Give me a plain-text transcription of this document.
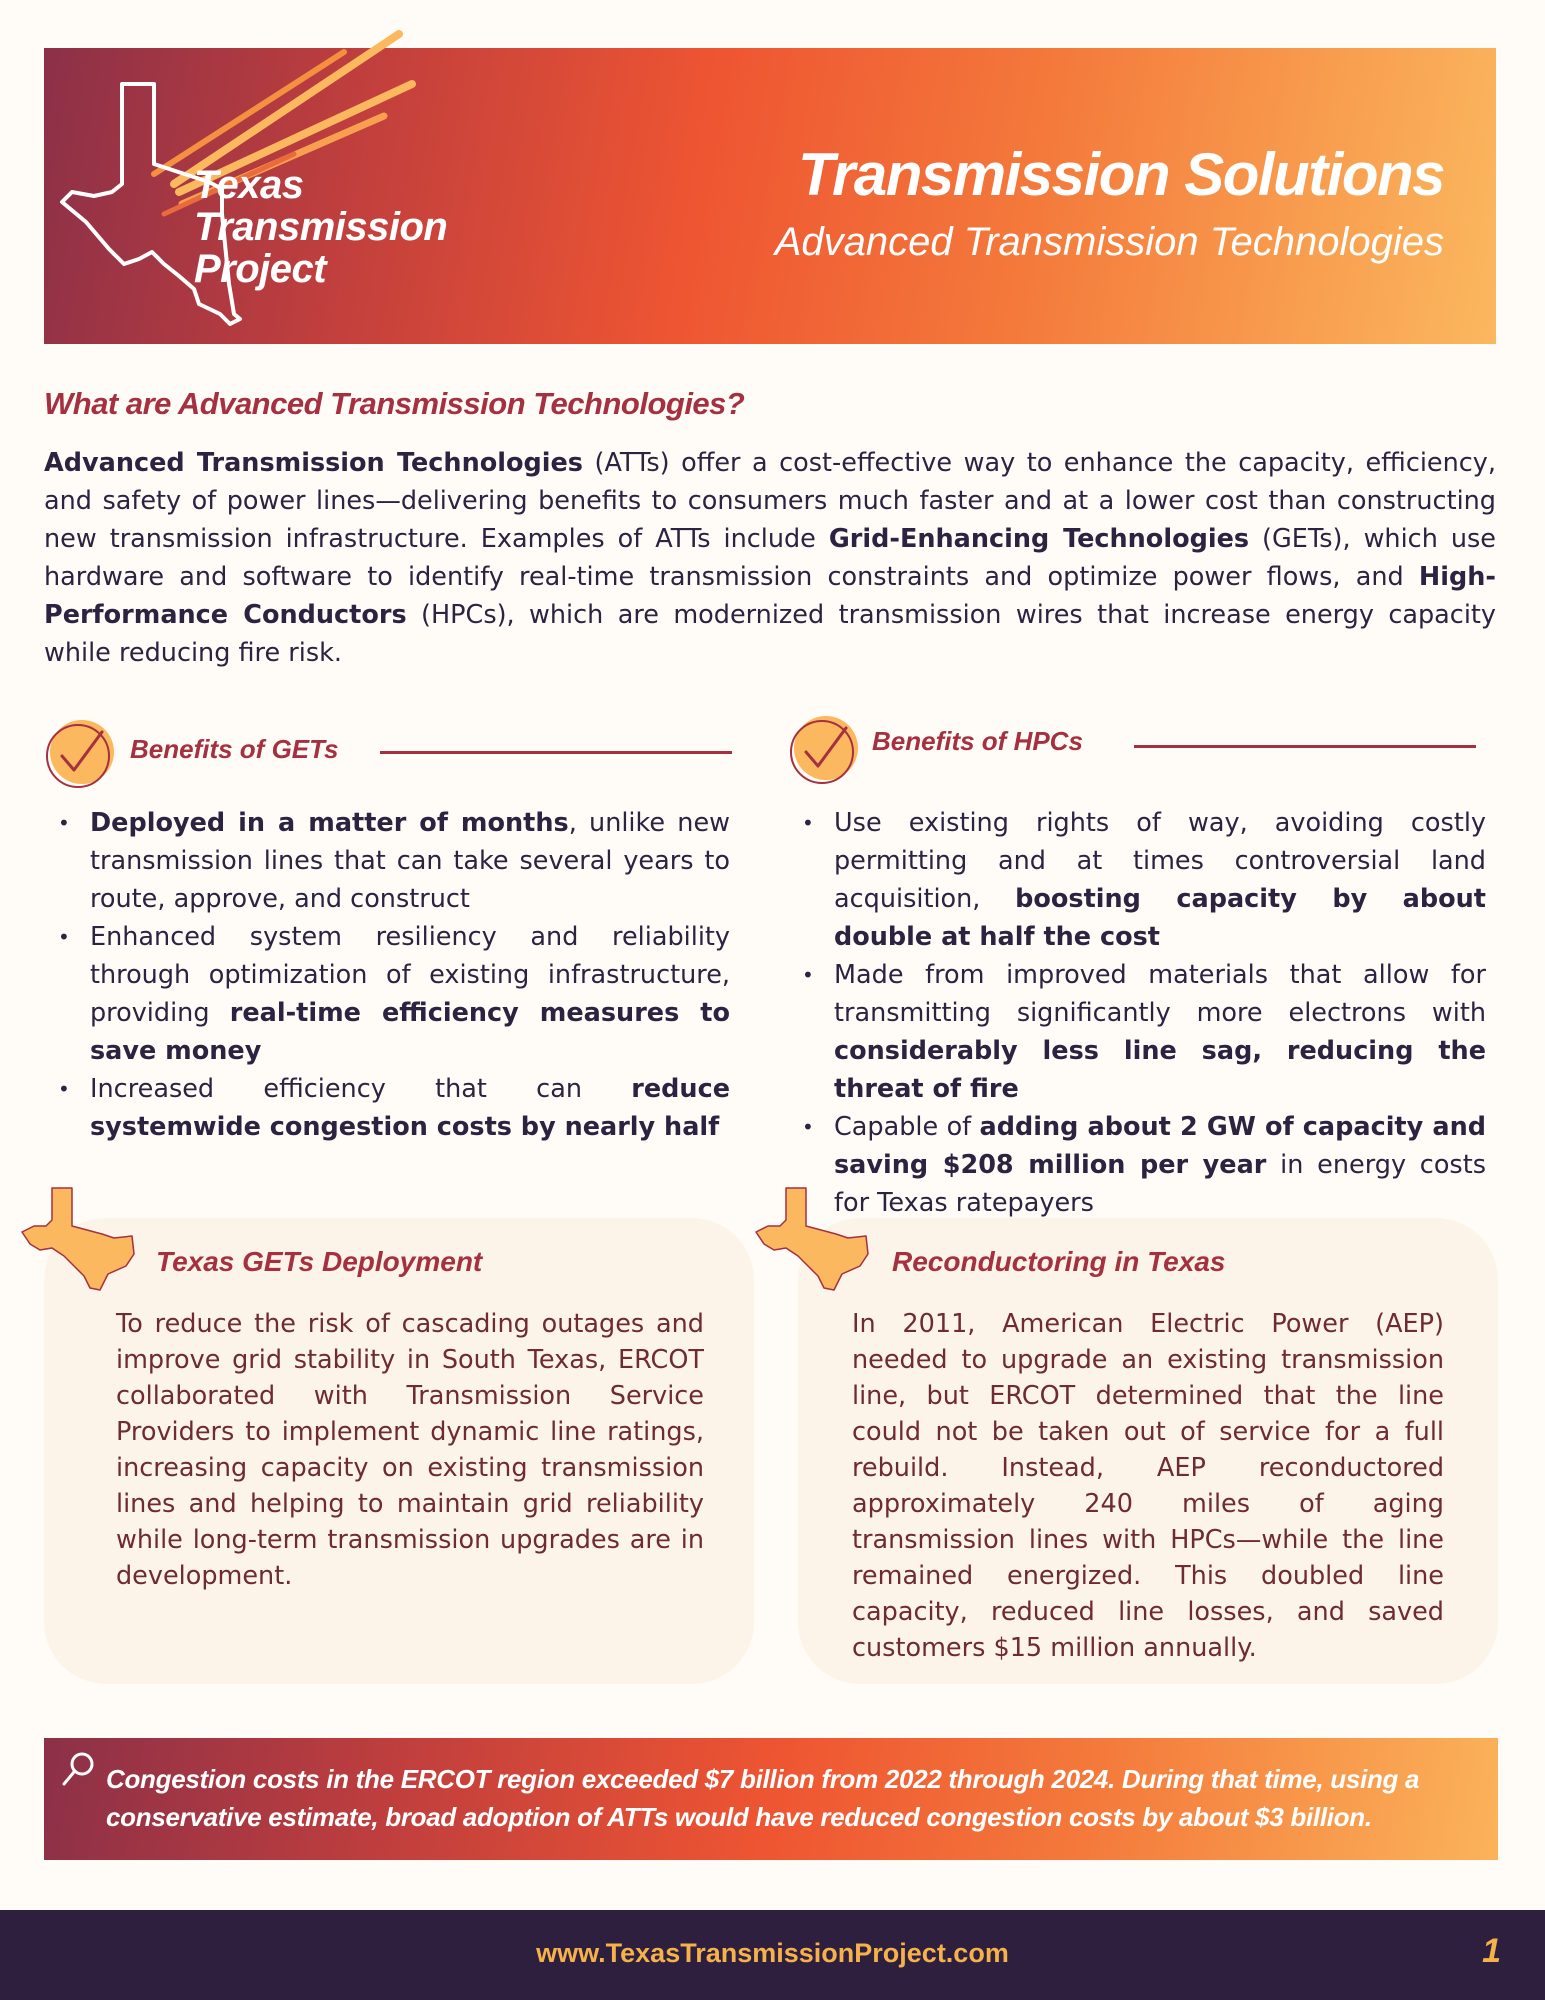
Texas
Transmission
Project
Transmission Solutions
Advanced Transmission Technologies
What are Advanced Transmission Technologies?

Advanced Transmission Technologies (ATTs) offer a cost-effective way to enhance the capacity, efficiency, and safety of power lines—delivering benefits to consumers much faster and at a lower cost than constructing new transmission infrastructure. Examples of ATTs include Grid-Enhancing Technologies (GETs), which use hardware and software to identify real-time transmission constraints and optimize power flows, and High-Performance Conductors (HPCs), which are modernized transmission wires that increase energy capacity while reducing fire risk.

Benefits of GETs
• Deployed in a matter of months, unlike new transmission lines that can take several years to route, approve, and construct
• Enhanced system resiliency and reliability through optimization of existing infrastructure, providing real-time efficiency measures to save money
• Increased efficiency that can reduce systemwide congestion costs by nearly half
Benefits of HPCs
• Use existing rights of way, avoiding costly permitting and at times controversial land acquisition, boosting capacity by about double at half the cost
• Made from improved materials that allow for transmitting significantly more electrons with considerably less line sag, reducing the threat of fire
• Capable of adding about 2 GW of capacity and saving $208 million per year in energy costs for Texas ratepayers
Texas GETs Deployment

To reduce the risk of cascading outages and improve grid stability in South Texas, ERCOT collaborated with Transmission Service Providers to implement dynamic line ratings, increasing capacity on existing transmission lines and helping to maintain grid reliability while long-term transmission upgrades are in development.

Reconductoring in Texas

In 2011, American Electric Power (AEP) needed to upgrade an existing transmission line, but ERCOT determined that the line could not be taken out of service for a full rebuild. Instead, AEP reconductored approximately 240 miles of aging transmission lines with HPCs—while the line remained energized. This doubled line capacity, reduced line losses, and saved customers $15 million annually.

Congestion costs in the ERCOT region exceeded $7 billion from 2022 through 2024. During that time, using a conservative estimate, broad adoption of ATTs would have reduced congestion costs by about $3 billion.

www.TexasTransmissionProject.com	1
